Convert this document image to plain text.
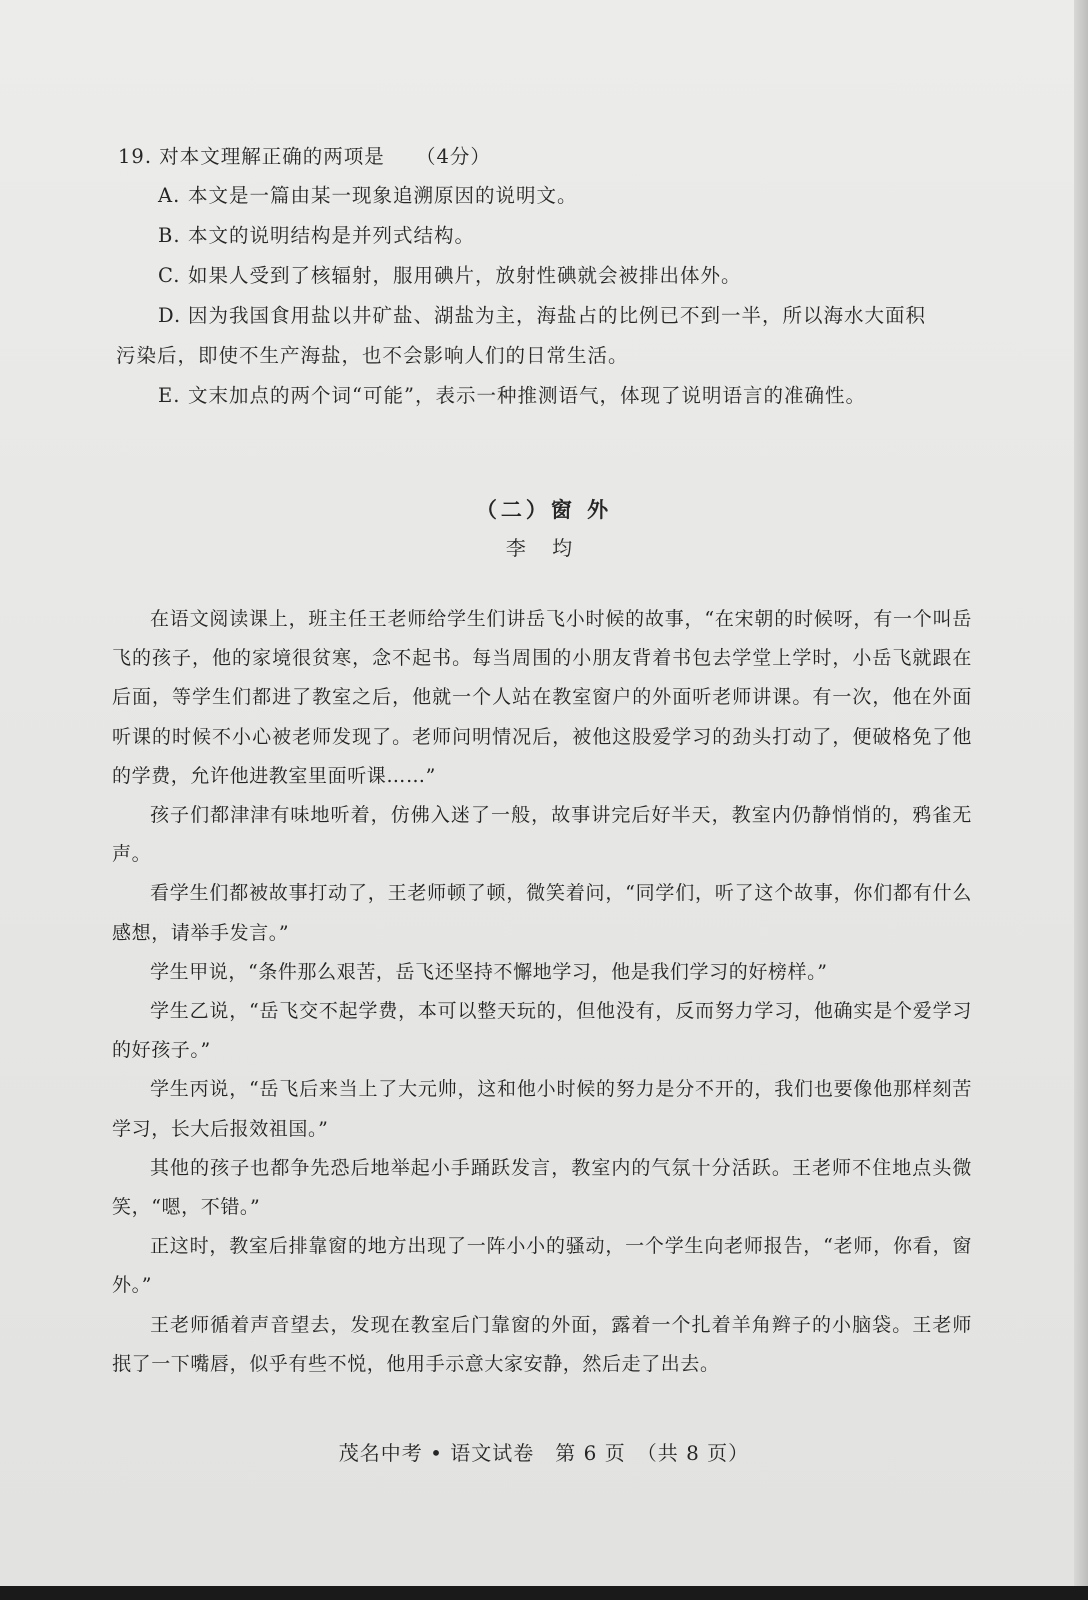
19. 对本文理解正确的两项是　　（4分）
A. 本文是一篇由某一现象追溯原因的说明文。
B. 本文的说明结构是并列式结构。
C. 如果人受到了核辐射，服用碘片，放射性碘就会被排出体外。
D. 因为我国食用盐以井矿盐、湖盐为主，海盐占的比例已不到一半，所以海水大面积
污染后，即使不生产海盐，也不会影响人们的日常生活。
E. 文末加点的两个词“可能”，表示一种推测语气，体现了说明语言的准确性。
（二）窗 外
李 均

在语文阅读课上，班主任王老师给学生们讲岳飞小时候的故事，“在宋朝的时候呀，有一个叫岳飞的孩子，他的家境很贫寒，念不起书。每当周围的小朋友背着书包去学堂上学时，小岳飞就跟在后面，等学生们都进了教室之后，他就一个人站在教室窗户的外面听老师讲课。有一次，他在外面听课的时候不小心被老师发现了。老师问明情况后，被他这股爱学习的劲头打动了，便破格免了他的学费，允许他进教室里面听课……”

孩子们都津津有味地听着，仿佛入迷了一般，故事讲完后好半天，教室内仍静悄悄的，鸦雀无声。

看学生们都被故事打动了，王老师顿了顿，微笑着问，“同学们，听了这个故事，你们都有什么感想，请举手发言。”

学生甲说，“条件那么艰苦，岳飞还坚持不懈地学习，他是我们学习的好榜样。”

学生乙说，“岳飞交不起学费，本可以整天玩的，但他没有，反而努力学习，他确实是个爱学习的好孩子。”

学生丙说，“岳飞后来当上了大元帅，这和他小时候的努力是分不开的，我们也要像他那样刻苦学习，长大后报效祖国。”

其他的孩子也都争先恐后地举起小手踊跃发言，教室内的气氛十分活跃。王老师不住地点头微笑，“嗯，不错。”

正这时，教室后排靠窗的地方出现了一阵小小的骚动，一个学生向老师报告，“老师，你看，窗外。”

王老师循着声音望去，发现在教室后门靠窗的外面，露着一个扎着羊角辫子的小脑袋。王老师抿了一下嘴唇，似乎有些不悦，他用手示意大家安静，然后走了出去。

茂名中考 • 语文试卷　第 6 页　（共 8 页）
